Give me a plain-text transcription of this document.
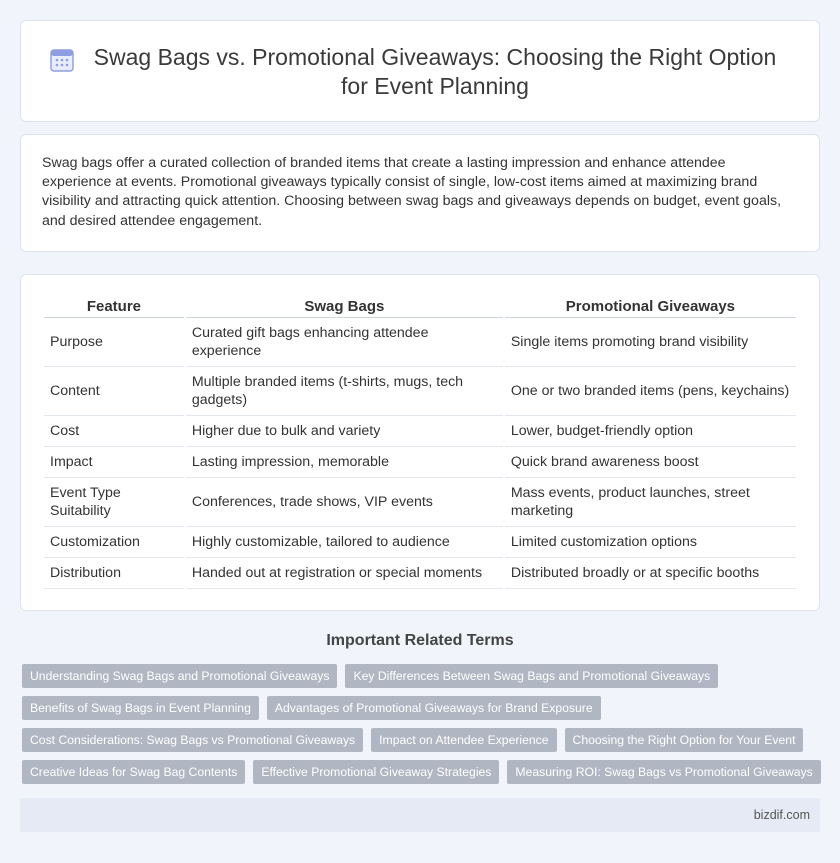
Swag Bags vs. Promotional Giveaways: Choosing the Right Option for Event Planning

Swag bags offer a curated collection of branded items that create a lasting impression and enhance attendee experience at events. Promotional giveaways typically consist of single, low-cost items aimed at maximizing brand visibility and attracting quick attention. Choosing between swag bags and giveaways depends on budget, event goals, and desired attendee engagement.

Feature	Swag Bags	Promotional Giveaways
Purpose	Curated gift bags enhancing attendee experience	Single items promoting brand visibility
Content	Multiple branded items (t-shirts, mugs, tech gadgets)	One or two branded items (pens, keychains)
Cost	Higher due to bulk and variety	Lower, budget-friendly option
Impact	Lasting impression, memorable	Quick brand awareness boost
Event Type Suitability	Conferences, trade shows, VIP events	Mass events, product launches, street marketing
Customization	Highly customizable, tailored to audience	Limited customization options
Distribution	Handed out at registration or special moments	Distributed broadly or at specific booths
Important Related Terms
Understanding Swag Bags and Promotional Giveaways	Key Differences Between Swag Bags and Promotional Giveaways
Benefits of Swag Bags in Event Planning	Advantages of Promotional Giveaways for Brand Exposure
Cost Considerations: Swag Bags vs Promotional Giveaways	Impact on Attendee Experience	Choosing the Right Option for Your Event
Creative Ideas for Swag Bag Contents	Effective Promotional Giveaway Strategies	Measuring ROI: Swag Bags vs Promotional Giveaways
bizdif.com
